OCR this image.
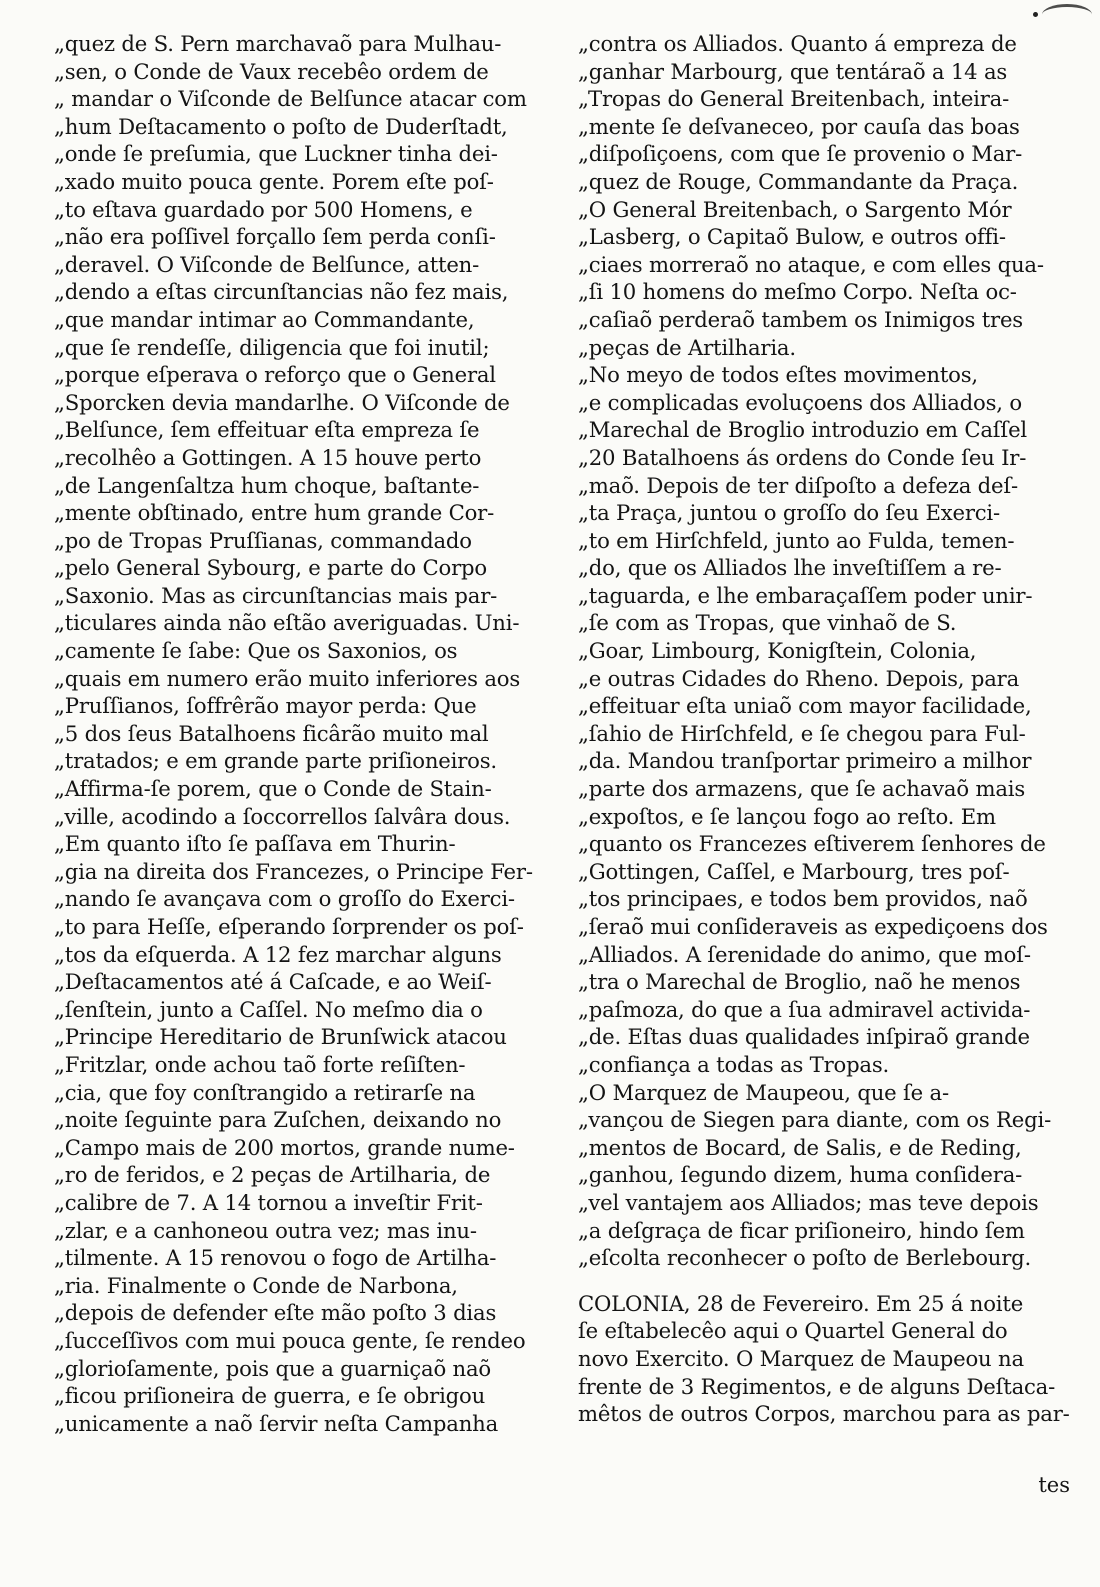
„quez de S. Pern marchavaõ para Mulhau-
„sen, o Conde de Vaux recebêo ordem de
„ mandar o Viſconde de Belſunce atacar com
„hum Deſtacamento o poſto de Duderſtadt,
„onde ſe preſumia, que Luckner tinha dei-
„xado muito pouca gente. Porem eſte poſ-
„to eſtava guardado por 500 Homens, e
„não era poſſivel forçallo ſem perda conſi-
„deravel. O Viſconde de Belſunce, atten-
„dendo a eſtas circunſtancias não fez mais,
„que mandar intimar ao Commandante,
„que ſe rendeſſe, diligencia que foi inutil;
„porque eſperava o reforço que o General
„Sporcken devia mandarlhe. O Viſconde de
„Belſunce, ſem effeituar eſta empreza ſe
„recolhêo a Gottingen. A 15 houve perto
„de Langenſaltza hum choque, baſtante-
„mente obſtinado, entre hum grande Cor-
„po de Tropas Pruſſianas, commandado
„pelo General Sybourg, e parte do Corpo
„Saxonio. Mas as circunſtancias mais par-
„ticulares ainda não eſtão averiguadas. Uni-
„camente ſe ſabe: Que os Saxonios, os
„quais em numero erão muito inferiores aos
„Pruſſianos, ſoffrêrão mayor perda: Que
„5 dos ſeus Batalhoens ficârão muito mal
„tratados; e em grande parte priſioneiros.
„Affirma-ſe porem, que o Conde de Stain-
„ville, acodindo a ſoccorrellos ſalvâra dous.
„Em quanto iſto ſe paſſava em Thurin-
„gia na direita dos Francezes, o Principe Fer-
„nando ſe avançava com o groſſo do Exerci-
„to para Heſſe, eſperando ſorprender os poſ-
„tos da eſquerda. A 12 fez marchar alguns
„Deſtacamentos até á Caſcade, e ao Weiſ-
„ſenſtein, junto a Caſſel. No meſmo dia o
„Principe Hereditario de Brunſwick atacou
„Fritzlar, onde achou taõ forte reſiſten-
„cia, que foy conſtrangido a retirarſe na
„noite ſeguinte para Zuſchen, deixando no
„Campo mais de 200 mortos, grande nume-
„ro de feridos, e 2 peças de Artilharia, de
„calibre de 7. A 14 tornou a inveſtir Frit-
„zlar, e a canhoneou outra vez; mas inu-
„tilmente. A 15 renovou o fogo de Artilha-
„ria. Finalmente o Conde de Narbona,
„depois de defender eſte mão poſto 3 dias
„ſucceſſivos com mui pouca gente, ſe rendeo
„glorioſamente, pois que a guarniçaõ naõ
„ficou priſioneira de guerra, e ſe obrigou
„unicamente a naõ ſervir neſta Campanha
„contra os Alliados. Quanto á empreza de
„ganhar Marbourg, que tentáraõ a 14 as
„Tropas do General Breitenbach, inteira-
„mente ſe deſvaneceo, por cauſa das boas
„diſpoſiçoens, com que ſe provenio o Mar-
„quez de Rouge, Commandante da Praça.
„O General Breitenbach, o Sargento Mór
„Lasberg, o Capitaõ Bulow, e outros offi-
„ciaes morreraõ no ataque, e com elles qua-
„ſi 10 homens do meſmo Corpo. Neſta oc-
„caſiaõ perderaõ tambem os Inimigos tres
„peças de Artilharia.
„No meyo de todos eſtes movimentos,
„e complicadas evoluçoens dos Alliados, o
„Marechal de Broglio introduzio em Caſſel
„20 Batalhoens ás ordens do Conde ſeu Ir-
„maõ. Depois de ter diſpoſto a defeza deſ-
„ta Praça, juntou o groſſo do ſeu Exerci-
„to em Hirſchfeld, junto ao Fulda, temen-
„do, que os Alliados lhe inveſtiſſem a re-
„taguarda, e lhe embaraçaſſem poder unir-
„ſe com as Tropas, que vinhaõ de S.
„Goar, Limbourg, Konigſtein, Colonia,
„e outras Cidades do Rheno. Depois, para
„effeituar eſta uniaõ com mayor facilidade,
„ſahio de Hirſchfeld, e ſe chegou para Ful-
„da. Mandou tranſportar primeiro a milhor
„parte dos armazens, que ſe achavaõ mais
„expoſtos, e ſe lançou fogo ao reſto. Em
„quanto os Francezes eſtiverem ſenhores de
„Gottingen, Caſſel, e Marbourg, tres poſ-
„tos principaes, e todos bem providos, naõ
„ſeraõ mui conſideraveis as expediçoens dos
„Alliados. A ſerenidade do animo, que moſ-
„tra o Marechal de Broglio, naõ he menos
„paſmoza, do que a ſua admiravel actividа-
„de. Eſtas duas qualidades inſpiraõ grande
„confiança a todas as Tropas.
„O Marquez de Maupeou, que ſe a-
„vançou de Siegen para diante, com os Regi-
„mentos de Bocard, de Salis, e de Reding,
„ganhou, ſegundo dizem, huma conſidera-
„vel vantajem aos Alliados; mas teve depois
„a deſgraça de ficar priſioneiro, hindo ſem
„eſcolta reconhecer o poſto de Berlebourg.
COLONIA, 28 de Fevereiro. Em 25 á noite
ſe eſtabelecêo aqui o Quartel General do
novo Exercito. O Marquez de Maupeou na
frente de 3 Regimentos, e de alguns Deſtaca-
mêtos de outros Corpos, marchou para as par-
tes
